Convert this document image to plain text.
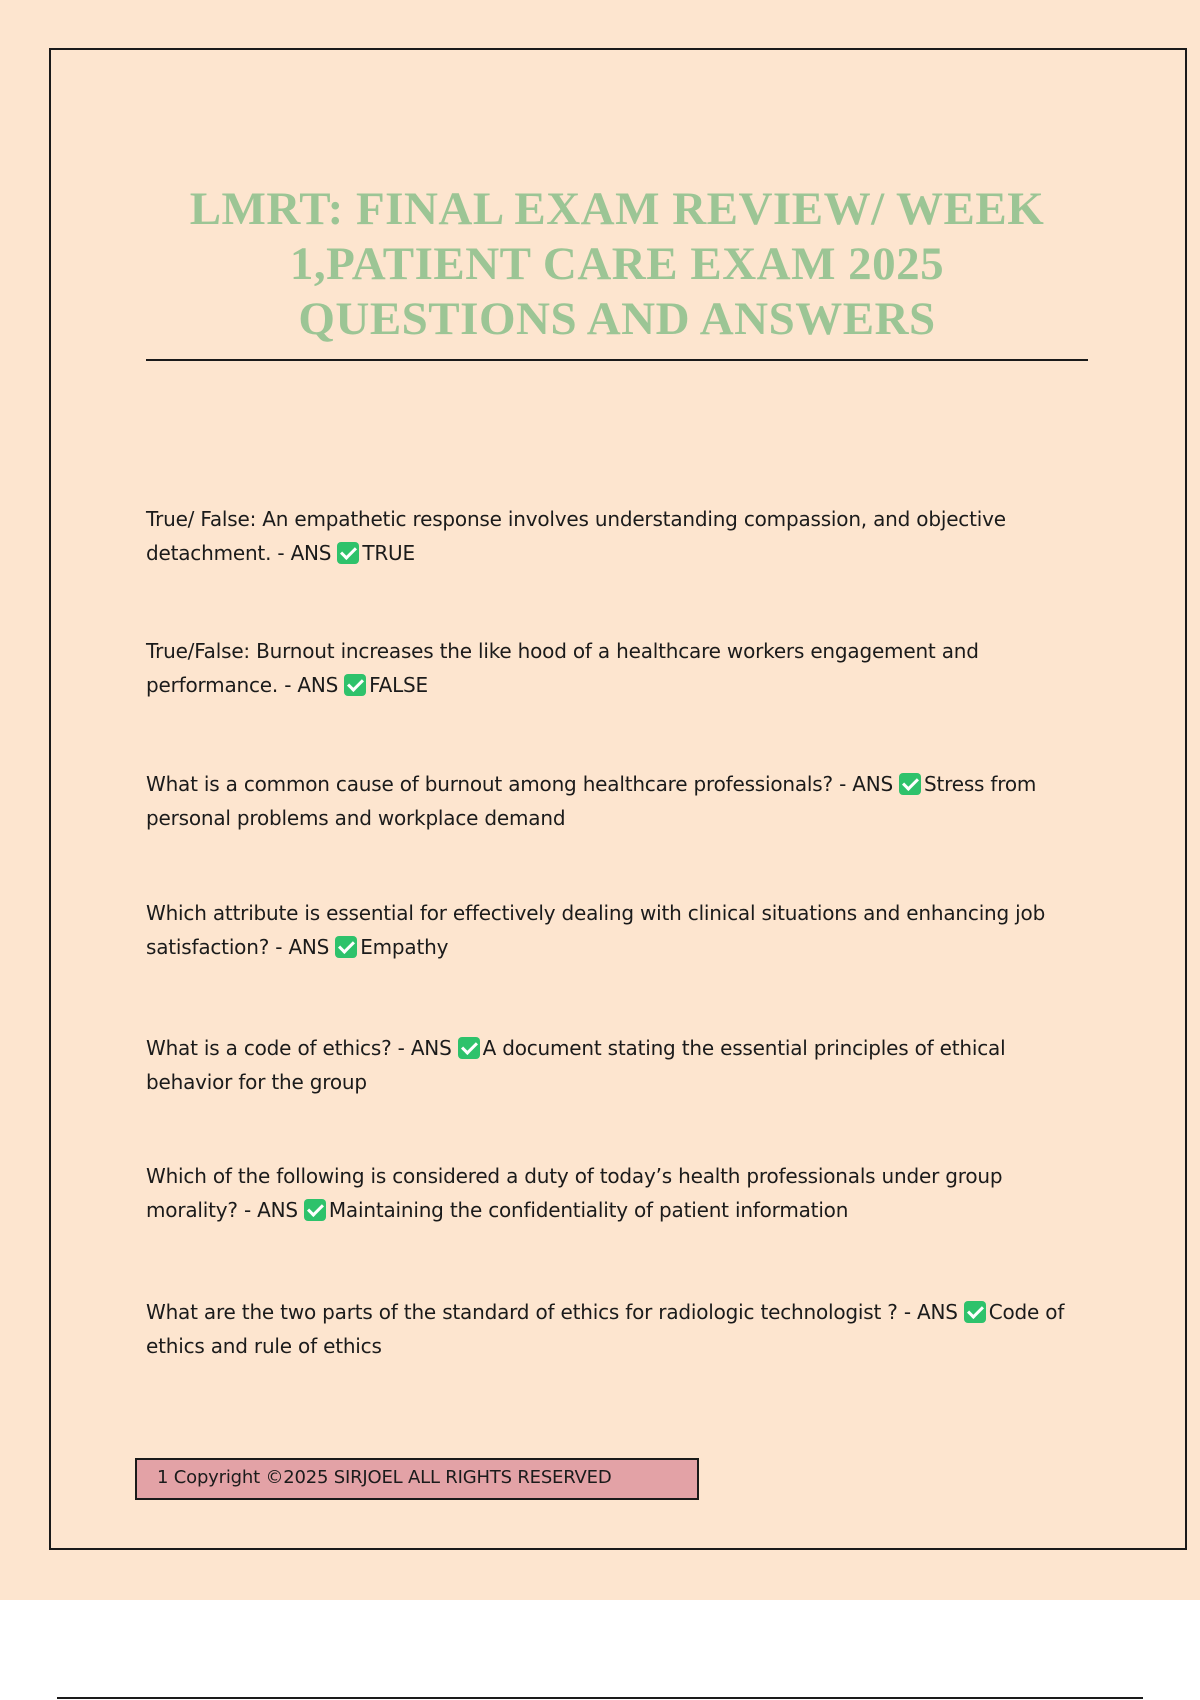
LMRT: FINAL EXAM REVIEW/ WEEK 1,PATIENT CARE EXAM 2025 QUESTIONS AND ANSWERS

True/ False: An empathetic response involves understanding compassion, and objective detachment. - ANS TRUE

True/False: Burnout increases the like hood of a healthcare workers engagement and performance. - ANS FALSE

What is a common cause of burnout among healthcare professionals? - ANS Stress from personal problems and workplace demand

Which attribute is essential for effectively dealing with clinical situations and enhancing job satisfaction? - ANS Empathy

What is a code of ethics? - ANS A document stating the essential principles of ethical behavior for the group

Which of the following is considered a duty of today’s health professionals under group morality? - ANS Maintaining the confidentiality of patient information

What are the two parts of the standard of ethics for radiologic technologist ? - ANS Code of ethics and rule of ethics

1 Copyright ©2025 SIRJOEL ALL RIGHTS RESERVED
